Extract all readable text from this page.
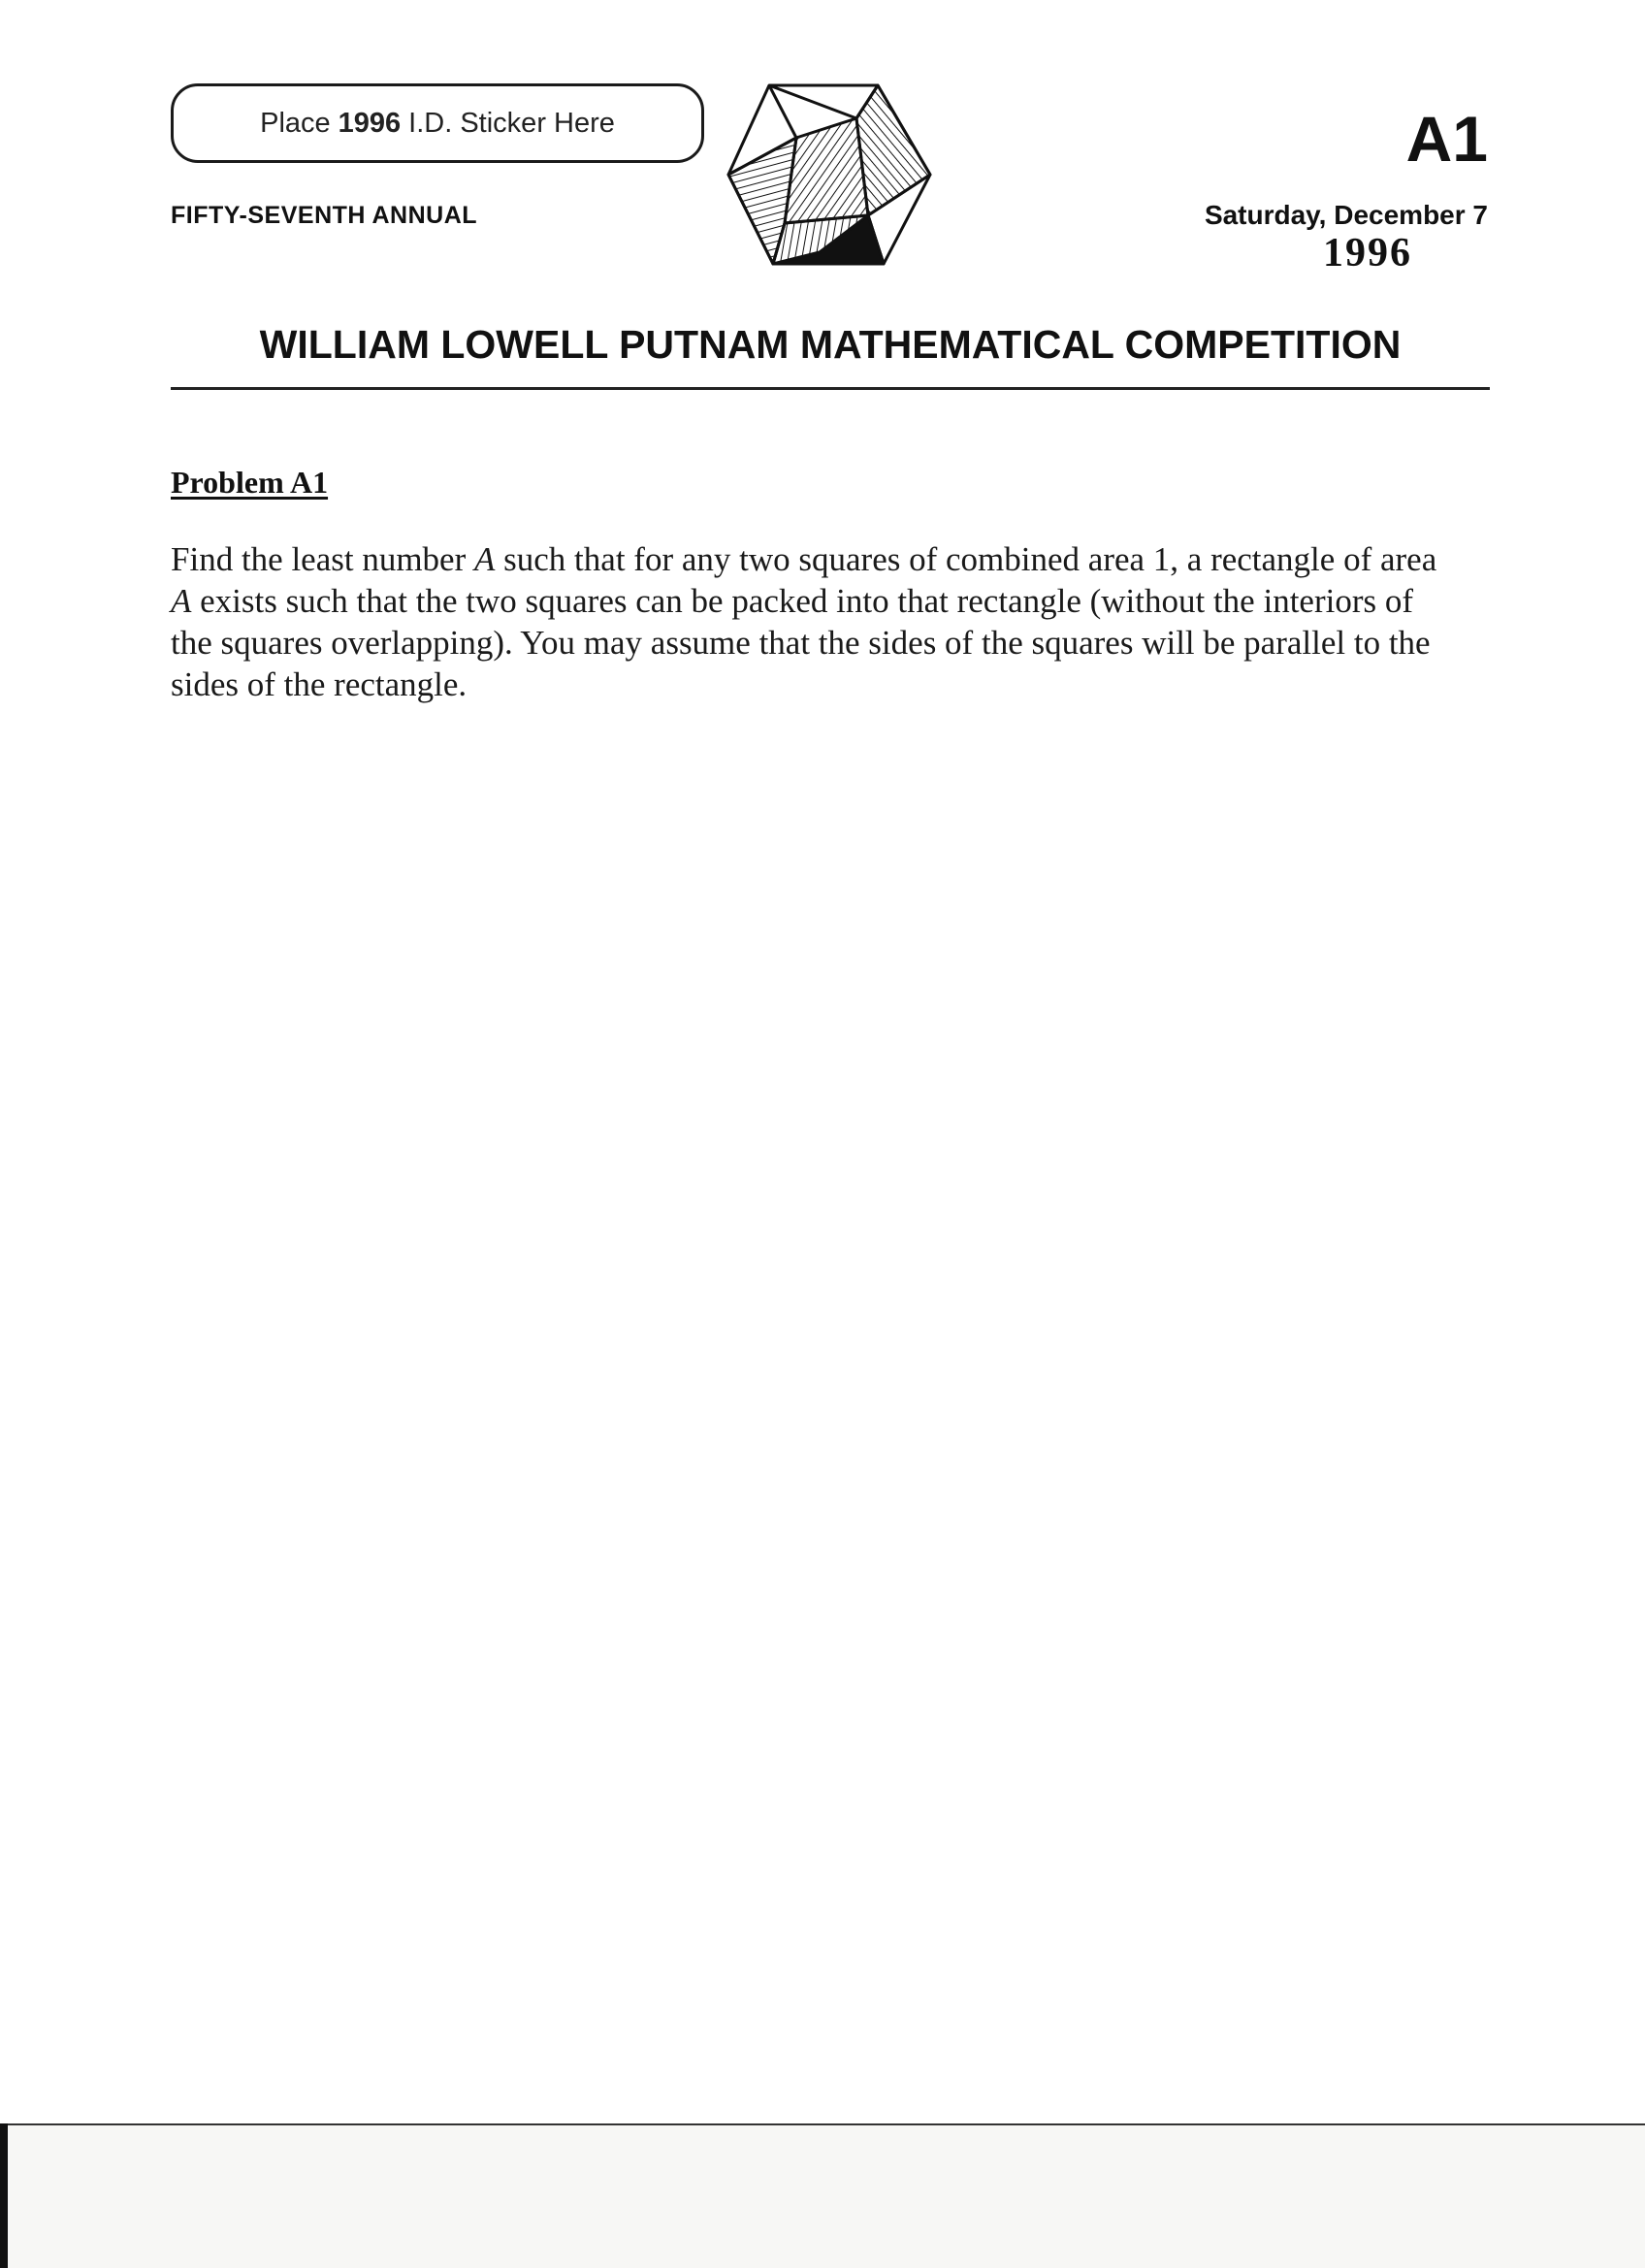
Place 1996 I.D. Sticker Here
FIFTY-SEVENTH ANNUAL
A1
Saturday, December 7
1996
WILLIAM LOWELL PUTNAM MATHEMATICAL COMPETITION
Problem A1
Find the least number A such that for any two squares of combined area 1, a rectangle of area
A exists such that the two squares can be packed into that rectangle (without the interiors of
the squares overlapping). You may assume that the sides of the squares will be parallel to the
sides of the rectangle.
